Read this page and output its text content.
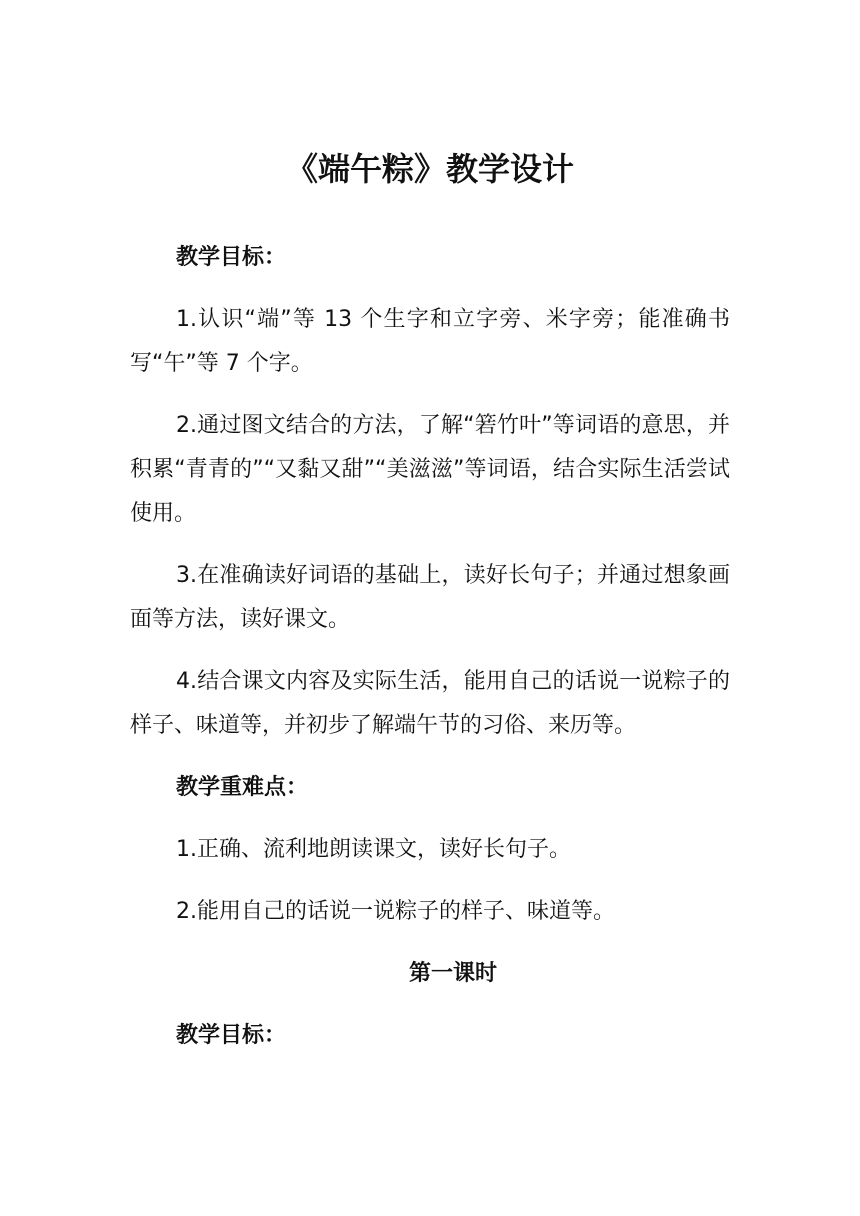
《端午粽》教学设计

教学目标：

1.认识“端”等 13 个生字和立字旁、米字旁；能准确书写“午”等 7 个字。

2.通过图文结合的方法，了解“箬竹叶”等词语的意思，并积累“青青的”“又黏又甜”“美滋滋”等词语，结合实际生活尝试使用。

3.在准确读好词语的基础上，读好长句子；并通过想象画面等方法，读好课文。

4.结合课文内容及实际生活，能用自己的话说一说粽子的样子、味道等，并初步了解端午节的习俗、来历等。

教学重难点：

1.正确、流利地朗读课文，读好长句子。

2.能用自己的话说一说粽子的样子、味道等。

第一课时

教学目标：
